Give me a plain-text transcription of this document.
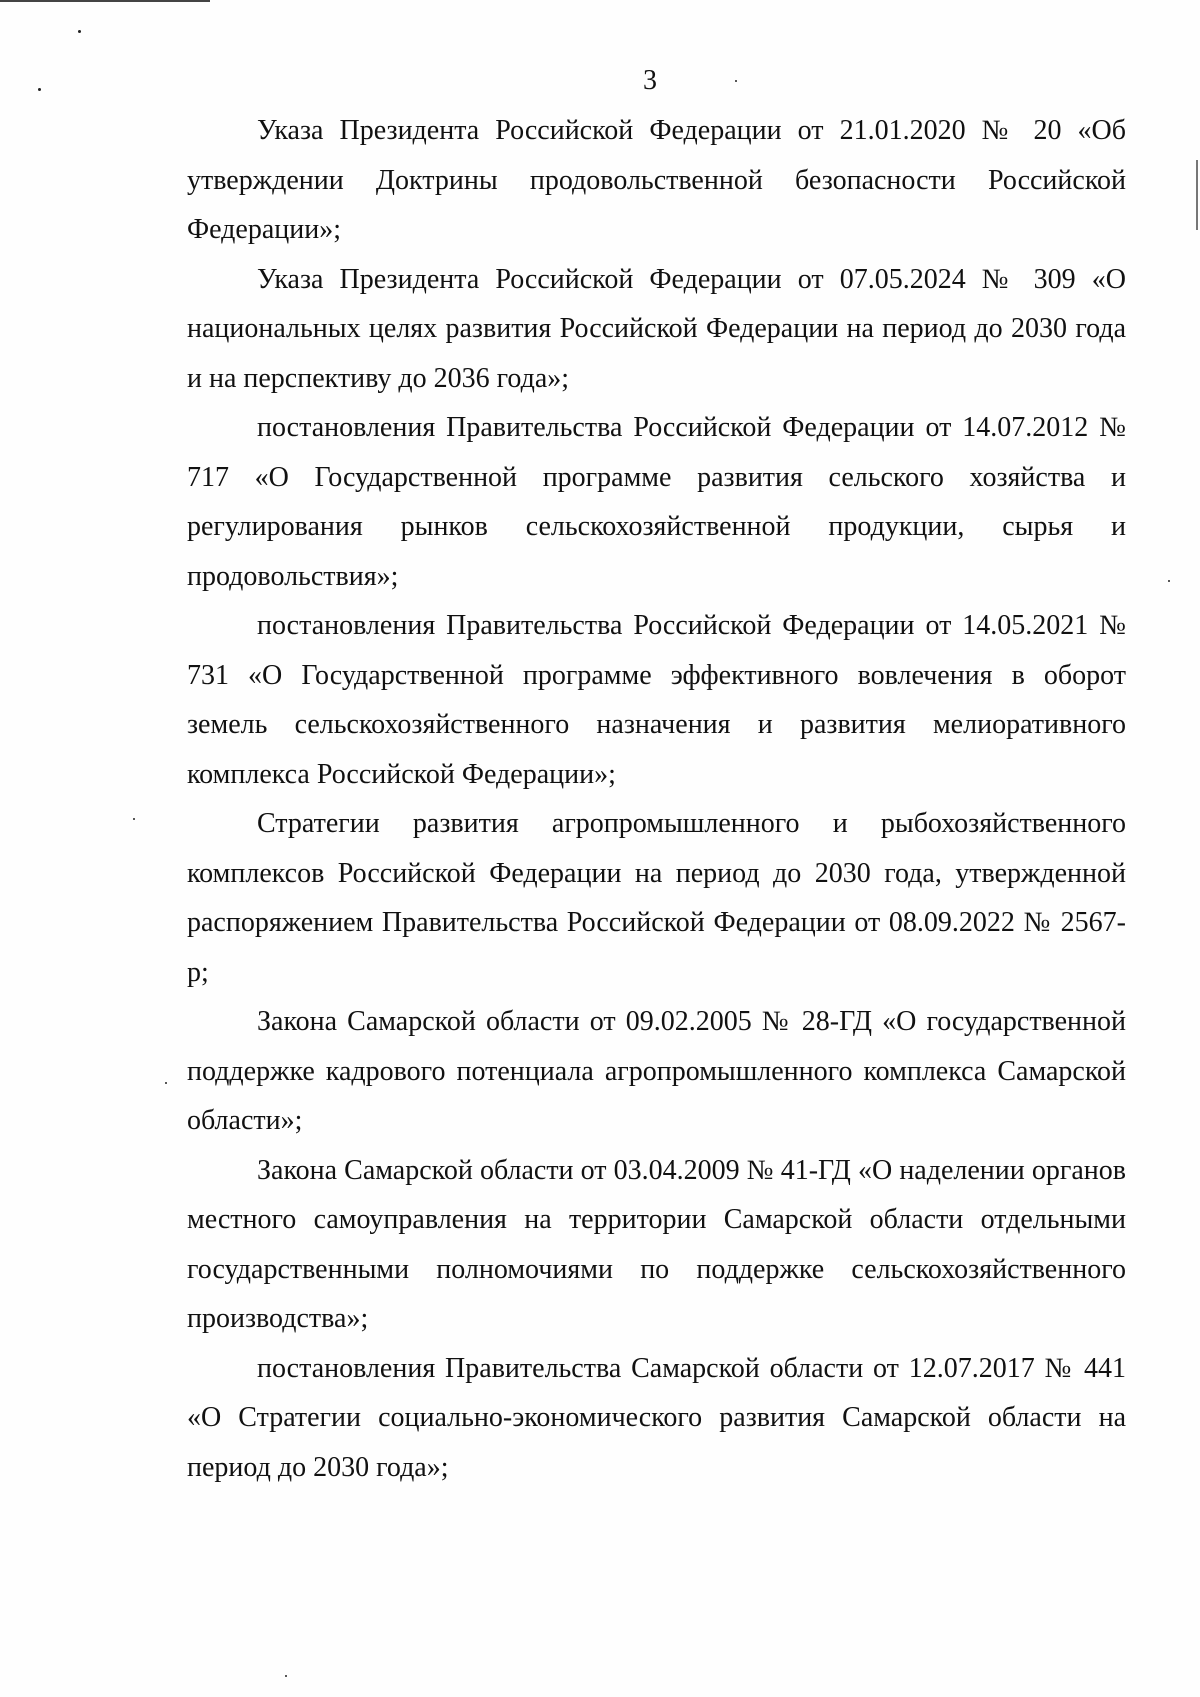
3

Указа Президента Российской Федерации от 21.01.2020 № 20 «Об утверждении Доктрины продовольственной безопасности Российской Федерации»;

Указа Президента Российской Федерации от 07.05.2024 № 309 «О национальных целях развития Российской Федерации на период до 2030 года и на перспективу до 2036 года»;

постановления Правительства Российской Федерации от 14.07.2012 № 717 «О Государственной программе развития сельского хозяйства и регулирования рынков сельскохозяйственной продукции, сырья и продовольствия»;

постановления Правительства Российской Федерации от 14.05.2021 № 731 «О Государственной программе эффективного вовлечения в оборот земель сельскохозяйственного назначения и развития мелиоративного комплекса Российской Федерации»;

Стратегии развития агропромышленного и рыбохозяйственного комплексов Российской Федерации на период до 2030 года, утвержденной распоряжением Правительства Российской Федерации от 08.09.2022 № 2567-р;

Закона Самарской области от 09.02.2005 № 28-ГД «О государственной поддержке кадрового потенциала агропромышленного комплекса Самарской области»;

Закона Самарской области от 03.04.2009 № 41-ГД «О наделении органов местного самоуправления на территории Самарской области отдельными государственными полномочиями по поддержке сельскохозяйственного производства»;

постановления Правительства Самарской области от 12.07.2017 № 441 «О Стратегии социально-экономического развития Самарской области на период до 2030 года»;
